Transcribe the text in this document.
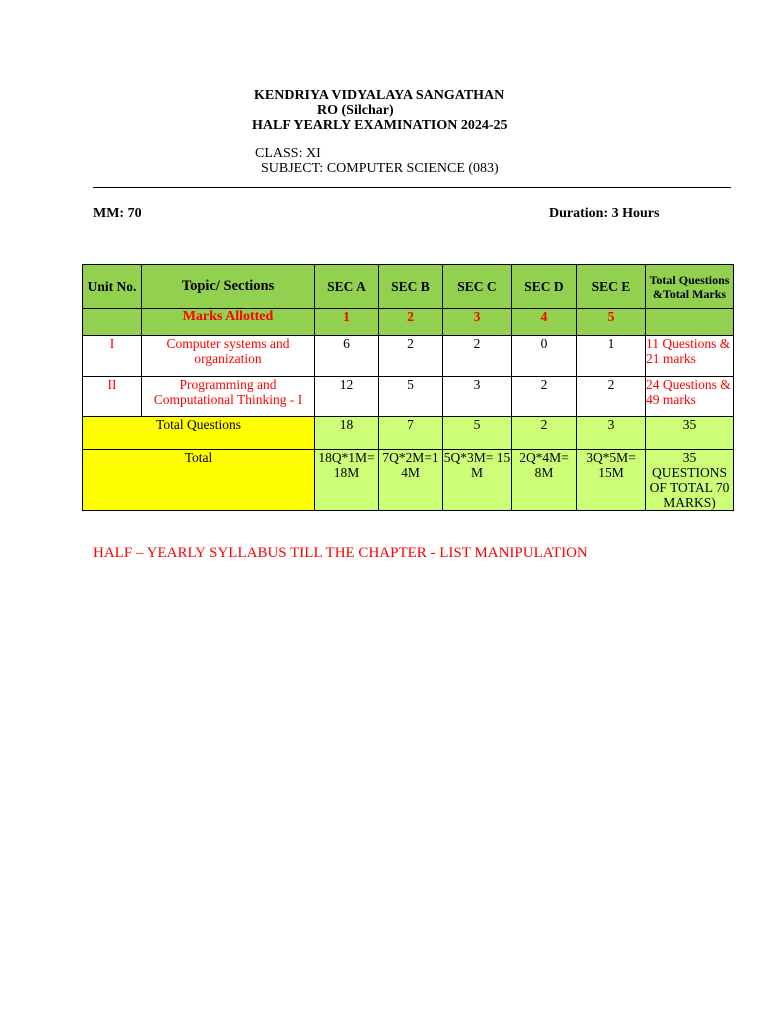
KENDRIYA VIDYALAYA SANGATHAN
RO (Silchar)
HALF YEARLY EXAMINATION 2024-25
CLASS: XI
SUBJECT: COMPUTER SCIENCE (083)
MM: 70	Duration: 3 Hours
Unit No.	Topic/ Sections	SEC A	SEC B	SEC C	SEC D	SEC E	Total Questions &Total Marks
	Marks Allotted	1	2	3	4	5	
I	Computer systems and organization	6	2	2	0	1	11 Questions & 21 marks
II	Programming and Computational Thinking - I	12	5	3	2	2	24 Questions & 49 marks
Total Questions		18	7	5	2	3	35
Total		18Q*1M= 18M	7Q*2M=1 4M	5Q*3M= 15 M	2Q*4M= 8M	3Q*5M= 15M	35 QUESTIONS OF TOTAL 70 MARKS)
HALF – YEARLY SYLLABUS TILL THE CHAPTER - LIST MANIPULATION
